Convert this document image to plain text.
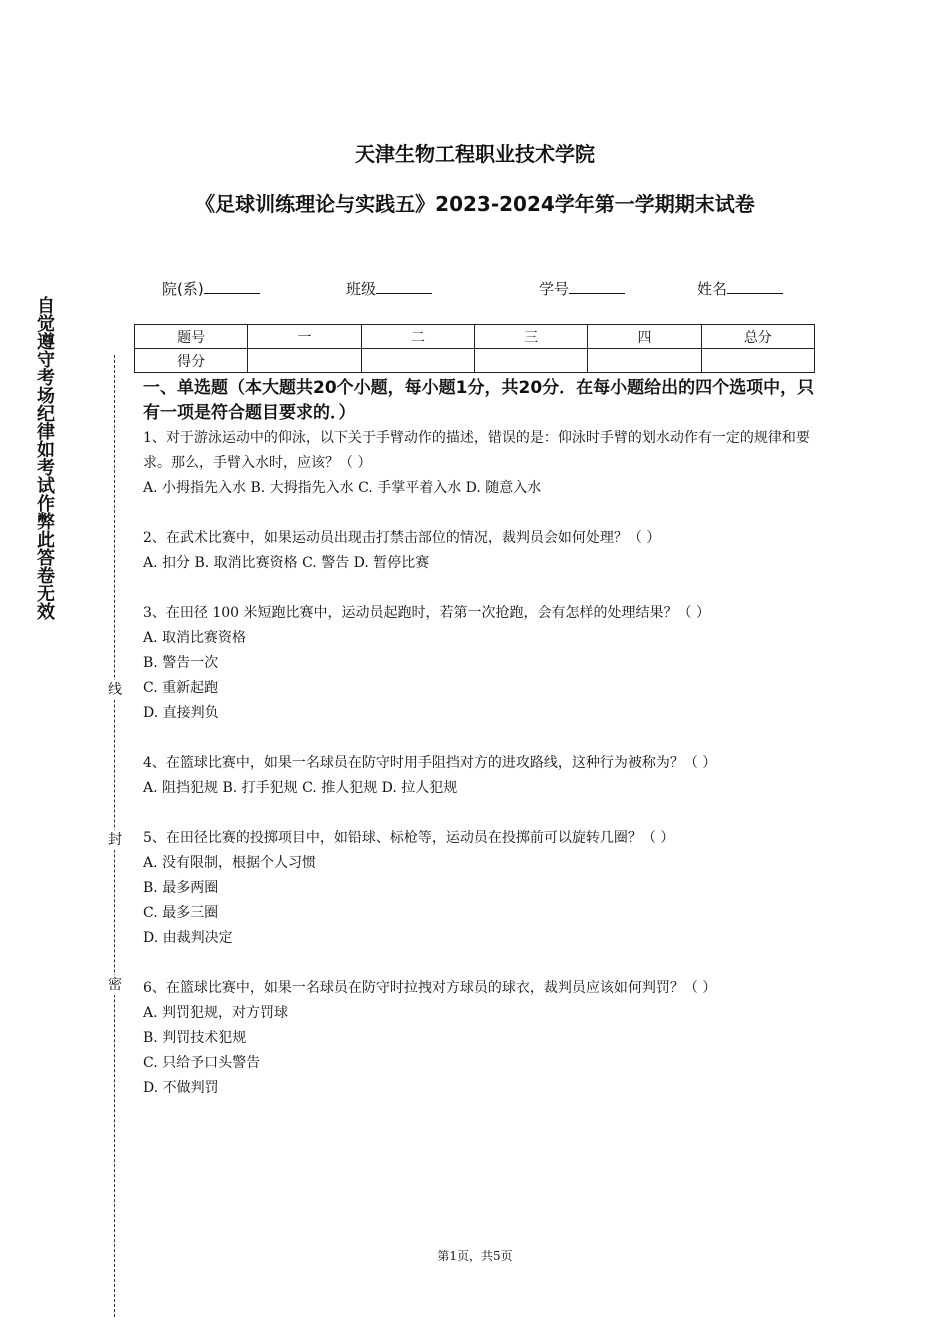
自觉遵守考场纪律如考试作弊此答卷无效
线
封
密
天津生物工程职业技术学院
《足球训练理论与实践五》2023-2024学年第一学期期末试卷
院(系)	班级	学号	姓名
题号	一	二	三	四	总分
得分					

一、单选题（本大题共20个小题，每小题1分，共20分．在每小题给出的四个选项中，只有一项是符合题目要求的．）

1、对于游泳运动中的仰泳，以下关于手臂动作的描述，错误的是：仰泳时手臂的划水动作有一定的规律和要求。那么，手臂入水时，应该？（ ）

A. 小拇指先入水 B. 大拇指先入水 C. 手掌平着入水 D. 随意入水

2、在武术比赛中，如果运动员出现击打禁击部位的情况，裁判员会如何处理？（ ）

A. 扣分 B. 取消比赛资格 C. 警告 D. 暂停比赛

3、在田径 100 米短跑比赛中，运动员起跑时，若第一次抢跑，会有怎样的处理结果？（ ）

A. 取消比赛资格

B. 警告一次

C. 重新起跑

D. 直接判负

4、在篮球比赛中，如果一名球员在防守时用手阻挡对方的进攻路线，这种行为被称为？（ ）

A. 阻挡犯规 B. 打手犯规 C. 推人犯规 D. 拉人犯规

5、在田径比赛的投掷项目中，如铅球、标枪等，运动员在投掷前可以旋转几圈？（ ）

A. 没有限制，根据个人习惯

B. 最多两圈

C. 最多三圈

D. 由裁判决定

6、在篮球比赛中，如果一名球员在防守时拉拽对方球员的球衣，裁判员应该如何判罚？（ ）

A. 判罚犯规，对方罚球

B. 判罚技术犯规

C. 只给予口头警告

D. 不做判罚

第1页，共5页
